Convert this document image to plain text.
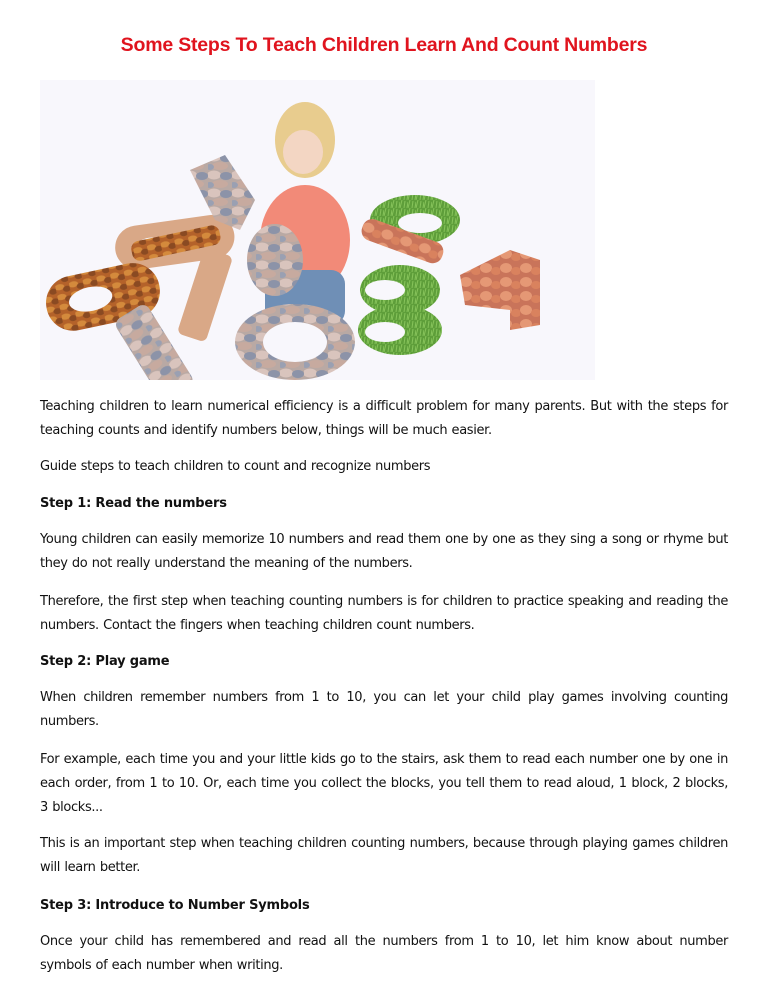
Some Steps To Teach Children Learn And Count Numbers
Teaching children to learn numerical efficiency is a difficult problem for many parents. But with the steps for teaching counts and identify numbers below, things will be much easier.
Guide steps to teach children to count and recognize numbers
Step 1: Read the numbers
Young children can easily memorize 10 numbers and read them one by one as they sing a song or rhyme but they do not really understand the meaning of the numbers.
Therefore, the first step when teaching counting numbers is for children to practice speaking and reading the numbers. Contact the fingers when teaching children count numbers.
Step 2: Play game
When children remember numbers from 1 to 10, you can let your child play games involving counting numbers.
For example, each time you and your little kids go to the stairs, ask them to read each number one by one in each order, from 1 to 10. Or, each time you collect the blocks, you tell them to read aloud, 1 block, 2 blocks, 3 blocks...
This is an important step when teaching children counting numbers, because through playing games children will learn better.
Step 3: Introduce to Number Symbols
Once your child has remembered and read all the numbers from 1 to 10, let him know about number symbols of each number when writing.
